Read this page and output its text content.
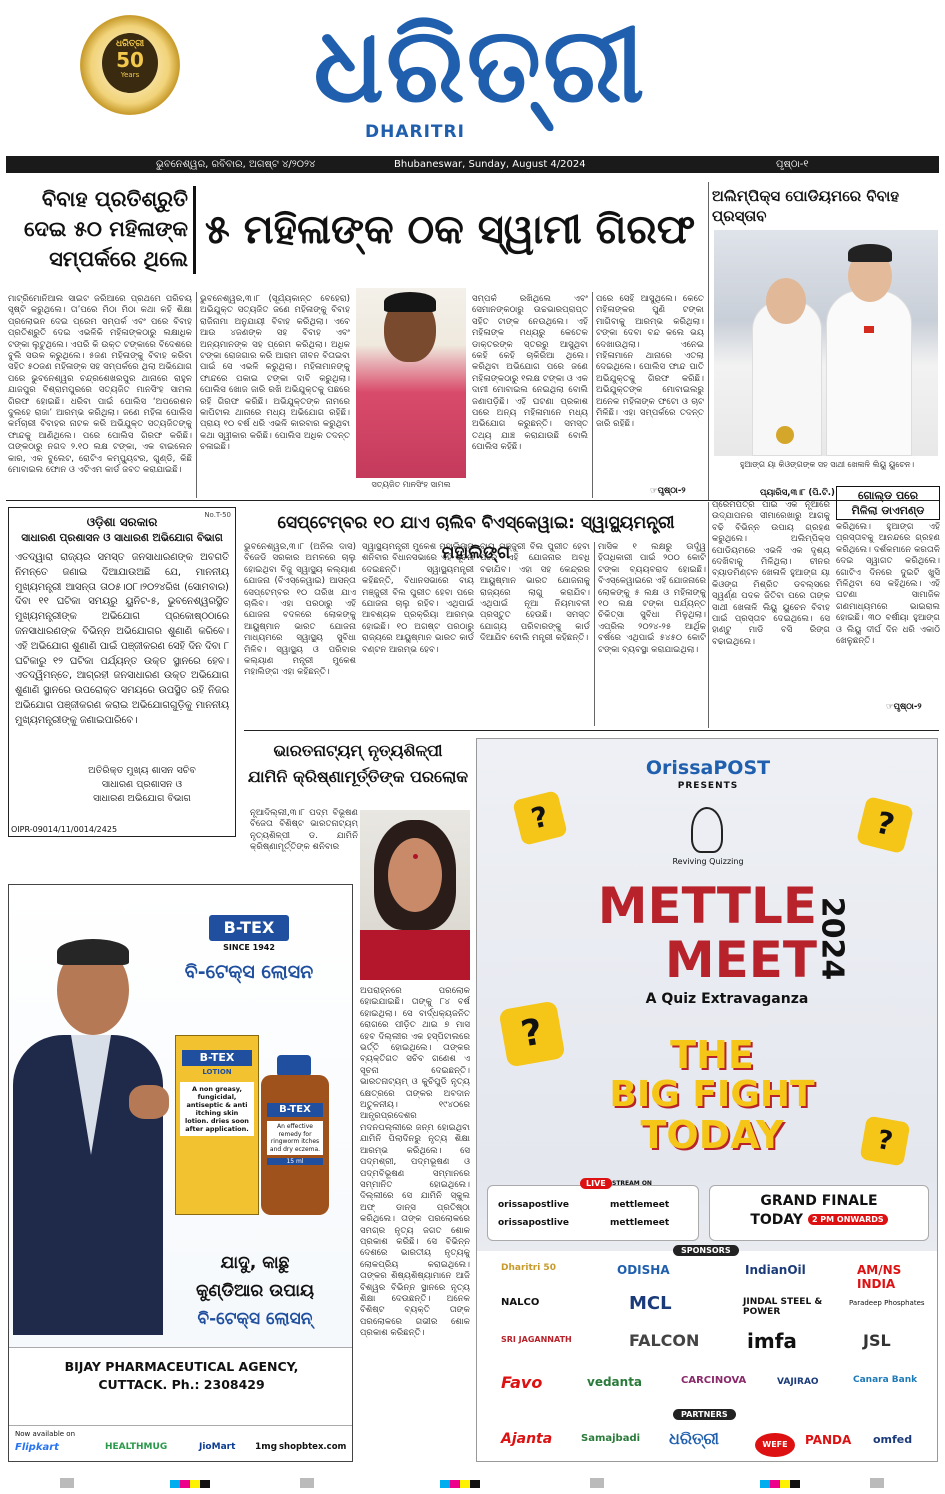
ଧରିତ୍ରୀ
50
Years ଧରିତ୍ରୀ
DHARITRI
ଭୁବନେଶ୍ୱର, ରବିବାର, ଅଗଷ୍ଟ ୪/୨୦୨୪	Bhubaneswar, Sunday, August 4/2024	ପୃଷ୍ଠା-୧
ବିବାହ ପ୍ରତିଶ୍ରୁତି
ଦେଇ ୫୦ ମହିଳାଙ୍କ
ସମ୍ପର୍କରେ ଥିଲେ
୫ ମହିଳାଙ୍କ ଠକ ସ୍ୱାମୀ ଗିରଫ
ମାଟ୍ରିମୋନିଆଲ ସାଇଟ ଜରିଆରେ ପ୍ରଥମେ ପରିଚୟ ସୃଷ୍ଟି କରୁଥିଲେ। ତା’ପରେ ମିଠା ମିଠା କଥା କହି ଶିକ୍ଷା ପ୍ରଲୋଭନ ଦେଇ ପ୍ରେମ ସମ୍ପର୍କ ଏବଂ ପରେ ବିବାହ ପ୍ରତିଶ୍ରୁତି ଦେଇ ଏଭଳିକି ମହିଳାଙ୍କଠାରୁ ଲକ୍ଷାଧିକ ଟଙ୍କା ଲୁଟୁଥିଲେ। ଏପରି କି ଉକ୍ତ ଟଙ୍କାରେ ବିଦେଶରେ ବୁଲି ସଉକ କରୁଥିଲେ। ୫ଜଣ ମହିଳାଙ୍କୁ ବିବାହ କରିବା ସହିତ ୫୦ଜଣ ମହିଳାଙ୍କ ସହ ସମ୍ପର୍କରେ ଥିଲା ଅଭିଯୋଗ ପରେ ଭୁବନେଶ୍ୱର ଚନ୍ଦ୍ରଶେଖରପୁର ଥାନାରେ ରାହୁଳ ଯାଜପୁର ବିଶ୍ରାମପୁରରେ ସତ୍ୟଜିତ ମାନସିଂହ ସାମଲ ଗିରଫ ହୋଇଛି। ଧରିବା ପାଇଁ ପୋଲିସ ‘ଅପରେଶନ ଦୁଲହେ ରାଜା’ ଆରମ୍ଭ କରିଥିଲା। ଜଣେ ମହିଳା ପୋଲିସ କର୍ମଚାରୀ ବିବାହର ନାଟକ କରି ଅଭିଯୁକ୍ତ ସତ୍ୟଜିତଙ୍କୁ ଫାନ୍ଦକୁ ଆଣିଥିଲେ। ପରେ ପୋଲିସ ଗିରଫ କରିଛି। ତାଙ୍କଠାରୁ ନଗଦ ୨.୧୦ ଲକ୍ଷ ଟଙ୍କା, ଏକ ବାଇଲେନ କାର, ଏକ ବୁଲେଟ, ରୋଟିଏ କମ୍ପ୍ୟୁଟର, ଗୁଣ୍ଡି, କିଛି ମୋବାଇଲ ଫୋନ ଓ ଏଟିଏମ କାର୍ଡ ଜବତ କରାଯାଇଛି।
ଭୁବନେଶ୍ୱର,୩।୮ (ସୂର୍ଯ୍ୟକାନ୍ତ ବେହେରା) ଅଭିଯୁକ୍ତ ସତ୍ୟଜିତ ଜଣେ ମହିଳାଙ୍କୁ ବିବାହ ରାଜିନାମା ଅନୁଯାୟୀ ବିବାହ କରିଥିଲା। ଏବେ ଆଉ ୪ଜଣଙ୍କ ସହ ବିବାହ ଏବଂ ଅନ୍ୟମାନଙ୍କ ସହ ପ୍ରେମ କରିଥିଲା। ଅଧିକ ଟଙ୍କା ରୋଜଗାର କରି ଆରାମ ଜୀବନ ବିତାଇବା ପାଇଁ ସେ ଏଭଳି କରୁଥିଲା। ମହିଳାମାନଙ୍କୁ ଫାନ୍ଦରେ ପକାଇ ଟଙ୍କା ଦାବି କରୁଥିଲା। ପୋଲିସ ଖୋଜ ଜାରି ରଖି ଅଭିଯୁକ୍ତକୁ ପଛରେ ରହି ଗିରଫ କରିଛି। ଅଭିଯୁକ୍ତଙ୍କ ନାମରେ କାପିଟାଲ ଥାନାରେ ମଧ୍ୟ ଅଭିଯୋଗ ରହିଛି। ପ୍ରାୟ ୧୦ ବର୍ଷ ଧରି ଏଭଳି କାରବାର କରୁଥିବା କଥା ସ୍ୱୀକାର କରିଛି। ପୋଲିସ ଅଧିକ ତଦନ୍ତ ଚଳାଇଛି।
ସତ୍ୟଜିତ ମାନସିଂହ ସାମଲ
ସମ୍ପର୍କ ରଖିଥିଲେ ଏବଂ ସେମାନଙ୍କଠାରୁ ଉଚ୍ଚଭାରପ୍ରାପ୍ତ ସହିତ ଟାଙ୍କ ନେଉଥିଲେ। ଏହି ମହିଳାଙ୍କ ମଧ୍ୟରୁ କେତେକ ଡାକ୍ତରଙ୍କ ସ୍ତରରୁ ଆସୁଥିବା କେହି କେହି ଚାକିରିଆ ଥିଲେ। କରିଥିବା ଅଭିଯୋଗ ପରେ ଜଣେ ମହିଳାଙ୍କଠାରୁ ୧ଲକ୍ଷ ଟଙ୍କା ଓ ଏକ ଦାମୀ ମୋବାଇଲ ନେଇଥିଲା ବୋଲି ଜଣାପଡ଼ିଛି। ଏହି ଘଟଣା ପ୍ରକାଶ ପରେ ଅନ୍ୟ ମହିଳାମାନେ ମଧ୍ୟ ଅଭିଯୋଗ କରୁଛନ୍ତି। ସମସ୍ତ ତଥ୍ୟ ଯାଞ୍ଚ କରାଯାଉଛି ବୋଲି ପୋଲିସ କହିଛି।
ପରେ ସେହି ଆସୁଥିଲେ। କେତେ ମହିଳାଙ୍କର ପୁଣି ଟଙ୍କା ମାଗିବାକୁ ଆରମ୍ଭ କରିଥିଲା। ଟଙ୍କା ଦେବା ବନ୍ଦ କଲେ ଭୟ ଦେଖାଉଥିଲା। ଏନେଇ ମହିଳାମାନେ ଥାନାରେ ଏତଲା ଦେଇଥିଲେ। ପୋଲିସ ଫାନ୍ଦ ପାତି ଅଭିଯୁକ୍ତକୁ ଗିରଫ କରିଛି। ଅଭିଯୁକ୍ତଙ୍କ ମୋବାଇଲରୁ ଅନେକ ମହିଳାଙ୍କ ଫଟୋ ଓ ଚାଟ ମିଳିଛି। ଏହା ସମ୍ପର୍କରେ ତଦନ୍ତ ଜାରି ରହିଛି।
☞ପୃଷ୍ଠା-୨
ଅଲିମ୍ପିକ୍ସ ପୋଡିୟମରେ ବିବାହ ପ୍ରସ୍ତାବ
ହୁଆଙ୍ଗ ୟା କିଓଙ୍ଗଙ୍କ ସହ ସାଥୀ ଖେଳାଳି ଲିୟୁ ୟୁଚେନ।
ପ୍ୟାରିସ,୩।୮ (ପି.ଟି.)
ପ୍ରେମପତ୍ର ପାଇଁ ଏକ ନୂଆରେ ଉଦ୍ଯାପନର ସୀମାରେଖାରୁ ଆଗକୁ ବଢି ବିଭିନ୍ନ ଉପାୟ ଗ୍ରହଣ କରୁଥିଲେ। ଅଲିମ୍ପିକ୍ସ ପୋଡିୟମରେ ଏଭଳି ଏକ ଦୃଶ୍ୟ ଦେଖିବାକୁ ମିଳିଥିଲା। ଚୀନର ବ୍ୟାଡମିଣ୍ଟନ ଖେଳାଳି ହୁଆଙ୍ଗ ୟା କିଓଙ୍ଗ ମିଶ୍ରିତ ଡବଲ୍ସରେ ସ୍ୱର୍ଣ୍ଣ ପଦକ ଜିତିବା ପରେ ତାଙ୍କ ସାଥୀ ଖେଳାଳି ଲିୟୁ ୟୁଚେନ ବିବାହ ପାଇଁ ପ୍ରସ୍ତାବ ଦେଇଥିଲେ। ସେ ହାଣ୍ଟୁ ମାଡି ବସି ରିଙ୍ଗ ବଢାଇଥିଲେ।
ଗୋଲ୍ଡ ପରେ
ମିଳିଲା ଡାଏମଣ୍ଡ
କରିଥିଲେ। ହୁଆଙ୍ଗ ଏହି ପ୍ରସ୍ତାବକୁ ଆନନ୍ଦରେ ଗ୍ରହଣ କରିଥିଲେ। ଦର୍ଶକମାନେ କରତାଳି ଦେଇ ସ୍ୱାଗତ କରିଥିଲେ। ଗୋଟିଏ ଦିନରେ ଦୁଇଟି ଖୁସି ମିଳିଥିବା ସେ କହିଥିଲେ। ଏହି ଘଟଣା ସାମାଜିକ ଗଣମାଧ୍ୟମରେ ଭାଇରାଲ ହୋଇଛି। ୩୦ ବର୍ଷୀୟା ହୁଆଙ୍ଗ ଓ ଲିୟୁ ଦୀର୍ଘ ଦିନ ଧରି ଏକାଠି ଖେଳୁଛନ୍ତି।
☞ପୃଷ୍ଠା-୨
No.T-50
ଓଡ଼ିଶା ସରକାର
ସାଧାରଣ ପ୍ରଶାସନ ଓ ସାଧାରଣ ଅଭିଯୋଗ ବିଭାଗ
ଏତଦ୍ୱାରା ରାଜ୍ୟର ସମସ୍ତ ଜନସାଧାରଣଙ୍କ ଅବଗତି ନିମନ୍ତେ ଜଣାଇ ଦିଆଯାଉଅଛି ଯେ, ମାନନୀୟ ମୁଖ୍ୟମନ୍ତ୍ରୀ ଆସନ୍ତା ତା୦୫।୦୮।୨୦୨୪ରିଖ (ସୋମବାର) ଦିବା ୧୧ ଘଟିକା ସମୟରୁ ୟୁନିଟ-୫, ଭୁବନେଶ୍ୱରସ୍ଥିତ ମୁଖ୍ୟମନ୍ତ୍ରୀଙ୍କ ଅଭିଯୋଗ ପ୍ରକୋଷ୍ଠଠାରେ ଜନସାଧାରଣଙ୍କ ବିଭିନ୍ନ ଅଭିଯୋଗର ଶୁଣାଣି କରିବେ। ଏହି ଅଭିଯୋଗ ଶୁଣାଣି ପାଇଁ ପଞ୍ଜୀକରଣ ସେହି ଦିନ ଦିବା ୮ ଘଟିକାରୁ ୧୨ ଘଟିକା ପର୍ଯ୍ୟନ୍ତ ଉକ୍ତ ସ୍ଥାନରେ ହେବ। ଏତଦ୍ୱିମନ୍ତେ, ଆଗ୍ରହୀ ଜନସାଧାରଣ ଉକ୍ତ ଅଭିଯୋଗ ଶୁଣାଣି ସ୍ଥାନରେ ଉପରୋକ୍ତ ସମୟରେ ଉପସ୍ଥିତ ରହି ନିଜର ଅଭିଯୋଗ ପଞ୍ଜୀକରଣ କରାଇ ଅଭିଯୋଗଗୁଡ଼ିକୁ ମାନନୀୟ ମୁଖ୍ୟମନ୍ତ୍ରୀଙ୍କୁ ଜଣାଇପାରିବେ।
ଅତିରିକ୍ତ ମୁଖ୍ୟ ଶାସନ ସଚିବ
ସାଧାରଣ ପ୍ରଶାସନ ଓ
ସାଧାରଣ ଅଭିଯୋଗ ବିଭାଗ
OIPR-09014/11/0014/2425
ସେପ୍ଟେମ୍ବର ୧୦ ଯାଏ ଚାଲିବ ବିଏସ୍‌କେୱାଇ: ସ୍ୱାସ୍ଥ୍ୟମନ୍ତ୍ରୀ ମହାଲିଙ୍ଗ
ଭୁବନେଶ୍ୱର,୩।୮ (ଅନିଲ ଦାସ) ବିଜେଡି ସରକାର ଅମଳରେ ଚାଲୁ ହୋଇଥିବା ବିଜୁ ସ୍ୱାସ୍ଥ୍ୟ କଲ୍ୟାଣ ଯୋଜନା (ବିଏସ୍‌କେୱାଇ) ଆସନ୍ତା ସେପ୍ଟେମ୍ବର ୧୦ ତାରିଖ ଯାଏ ଚାଲିବ। ଏହା ପରଠାରୁ ଏହି ଯୋଜନା ବଦଳରେ ଲୋକଙ୍କୁ ଆୟୁଷ୍ମାନ ଭାରତ ଯୋଜନା ମାଧ୍ୟମରେ ସ୍ୱାସ୍ଥ୍ୟ ସୁବିଧା ମିଳିବ। ସ୍ୱାସ୍ଥ୍ୟ ଓ ପରିବାର କଲ୍ୟାଣ ମନ୍ତ୍ରୀ ମୁକେଶ ମହାଲିଙ୍ଗ ଏହା କହିଛନ୍ତି।
ସ୍ୱାସ୍ଥ୍ୟମନ୍ତ୍ରୀ ମୁକେଶ ମହାଲିଙ୍ଗ ଶନିବାର ବିଧାନସଭାରେ ଏହି ସୂଚନା ଦେଇଛନ୍ତି। ସ୍ୱାସ୍ଥ୍ୟମନ୍ତ୍ରୀ କହିଛନ୍ତି, ବିଧାନସଭାରେ ବାୟ ମଞ୍ଜୁରୀ ବିଲ ପୁରୀତ ହେବା ପରେ ଯୋଜନା ଚାଲୁ ରହିବ। ଏଥିପାଇଁ ଆବଶ୍ୟକ ପ୍ରକ୍ରିୟା ଆରମ୍ଭ ହୋଇଛି। ୧୦ ଅଗଷ୍ଟ ପରଠାରୁ ରାଜ୍ୟରେ ଆୟୁଷ୍ମାନ ଭାରତ କାର୍ଡ ବଣ୍ଟନ ଆରମ୍ଭ ହେବ।
ବାୟ ମଞ୍ଜୁରୀ ବିଲ ପୁରୀତ ହେବା ପରେ ଏହି ଯୋଜନାର ଅବଧି ବଢାଯିବ। ଏହା ସହ କେନ୍ଦ୍ରର ଆୟୁଷ୍ମାନ ଭାରତ ଯୋଜନାକୁ ରାଜ୍ୟରେ ଲାଗୁ କରାଯିବ। ଏଥିପାଇଁ ନୂଆ ନିୟମାବଳୀ ପ୍ରସ୍ତୁତ ହେଉଛି। ସମସ୍ତ ଯୋଗ୍ୟ ପରିବାରଙ୍କୁ କାର୍ଡ ଦିଆଯିବ ବୋଲି ମନ୍ତ୍ରୀ କହିଛନ୍ତି।
ମାସିକ ୧ ଲକ୍ଷରୁ ଊର୍ଦ୍ଧ୍ୱ ହିତାଧିକାରୀ ପାଇଁ ୨୦୦ କୋଟି ଟଙ୍କା ବ୍ୟୟବରାଦ ହୋଇଛି। ବିଏସ୍‌କେୱାଇରେ ଏହି ଯୋଜନାରେ ଲୋକଙ୍କୁ ୫ ଲକ୍ଷ ଓ ମହିଳାଙ୍କୁ ୧୦ ଲକ୍ଷ ଟଙ୍କା ପର୍ଯ୍ୟନ୍ତ ଚିକିତ୍ସା ସୁବିଧା ମିଳୁଥିଲା। ଏପ୍ରିଲ ୨୦୨୪-୨୫ ଆର୍ଥିକ ବର୍ଷରେ ଏଥିପାଇଁ ୫୪୫୦ କୋଟି ଟଙ୍କା ବ୍ୟବସ୍ଥା କରାଯାଇଥିଲା।
ଭାରତନାଟ୍ୟମ୍ ନୃତ୍ୟଶିଳ୍ପୀ
ଯାମିନି କ୍ରିଷ୍ଣାମୂର୍ତ୍ତିଙ୍କ ପରଲୋକ
ନୂଆଦିଲ୍ଲୀ,୩।୮ ପଦ୍ମ ବିଭୂଷଣ ବିଜେତା ବିଶିଷ୍ଟ ଭାରତନାଟ୍ୟମ୍ ନୃତ୍ୟଶିଳ୍ପୀ ଡ. ଯାମିନି କ୍ରିଷ୍ଣାମୂର୍ତ୍ତିଙ୍କ ଶନିବାର
ଅପରାହ୍ନରେ ପରଲୋକ ହୋଇଯାଇଛି। ତାଙ୍କୁ ୮୪ ବର୍ଷ ହୋଇଥିଲା। ସେ ବାର୍ଦ୍ଧକ୍ୟଜନିତ ରୋଗରେ ପୀଡ଼ିତ ଥାଇ ୭ ମାସ ହେବ ଦିଲ୍ଲୀର ଏକ ହସ୍ପିଟାଲରେ ଭର୍ତ୍ତି ହୋଇଥିଲେ। ତାଙ୍କର ବ୍ୟକ୍ତିଗତ ସଚିବ ଗଣେଶ ଏ ସୂଚନା ଦେଇଛନ୍ତି। ଭାରତନାଟ୍ୟମ୍ ଓ କୁଚିପୁଡି ନୃତ୍ୟ କ୍ଷେତ୍ରରେ ତାଙ୍କର ଅବଦାନ ଅତୁଳନୀୟ। ୧୯୪୦ରେ ଆନ୍ଧ୍ରପ୍ରଦେଶର ମଦନପଲ୍ଲୀରେ ଜନ୍ମ ହୋଇଥିବା ଯାମିନି ପିଲାଦିନରୁ ନୃତ୍ୟ ଶିକ୍ଷା ଆରମ୍ଭ କରିଥିଲେ। ସେ ପଦ୍ମଶ୍ରୀ, ପଦ୍ମଭୂଷଣ ଓ ପଦ୍ମବିଭୂଷଣ ସମ୍ମାନରେ ସମ୍ମାନିତ ହୋଇଥିଲେ। ଦିଲ୍ଲୀରେ ସେ ଯାମିନି ସ୍କୁଲ ଅଫ୍ ଡାନ୍ସ ପ୍ରତିଷ୍ଠା କରିଥିଲେ। ତାଙ୍କ ପରଲୋକରେ ସମଗ୍ର ନୃତ୍ୟ ଜଗତ ଶୋକ ପ୍ରକାଶ କରିଛି। ସେ ବିଭିନ୍ନ ଦେଶରେ ଭାରତୀୟ ନୃତ୍ୟକୁ ଲୋକପ୍ରିୟ କରାଇଥିଲେ। ତାଙ୍କର ଶିଷ୍ୟଶିଷ୍ୟାମାନେ ଆଜି ବିଶ୍ୱର ବିଭିନ୍ନ ସ୍ଥାନରେ ନୃତ୍ୟ ଶିକ୍ଷା ଦେଉଛନ୍ତି। ଅନେକ ବିଶିଷ୍ଟ ବ୍ୟକ୍ତି ତାଙ୍କ ପରଲୋକରେ ଗଭୀର ଶୋକ ପ୍ରକାଶ କରିଛନ୍ତି।
B-TEX
SINCE 1942
ବି-ଟେକ୍ସ ଲୋସନ
B-TEX
LOTION
A non greasy, fungicidal, antiseptic & anti itching skin lotion. dries soon after application.
B-TEX
An effective remedy for ringworm itches and dry eczema.
15 ml
ଯାଦୁ, କାଛୁ
କୁଣ୍ଡିଆର ଉପାୟ
ବି-ଟେକ୍ସ ଲୋସନ୍
BIJAY PHARMACEUTICAL AGENCY,
CUTTACK. Ph.: 2308429
Now available on
Flipkart	HEALTHMUG	JioMart 1mg shopbtex.com
OrissaPOST
PRESENTS
Reviving Quizzing
?	?
?
?
METTLE
MEET
2024
A Quiz Extravaganza
THE
BIG FIGHT
TODAY
LIVE	STREAM ON
orissapostlive	mettlemeet
orissapostlive	mettlemeet
GRAND FINALE
TODAY 2 PM ONWARDS
SPONSORS
Dharitri 50	ODISHA	IndianOil	AM/NS INDIA
NALCO	MCL	JINDAL STEEL & POWER
Paradeep Phosphates
SRI JAGANNATH	FALCON	imfa	JSL
Favo	vedanta	CARCINOVA	VAJIRAO	Canara Bank
PARTNERS
Ajanta	Samajbadi	ଧରିତ୍ରୀ	WEFE	PANDA	omfed
